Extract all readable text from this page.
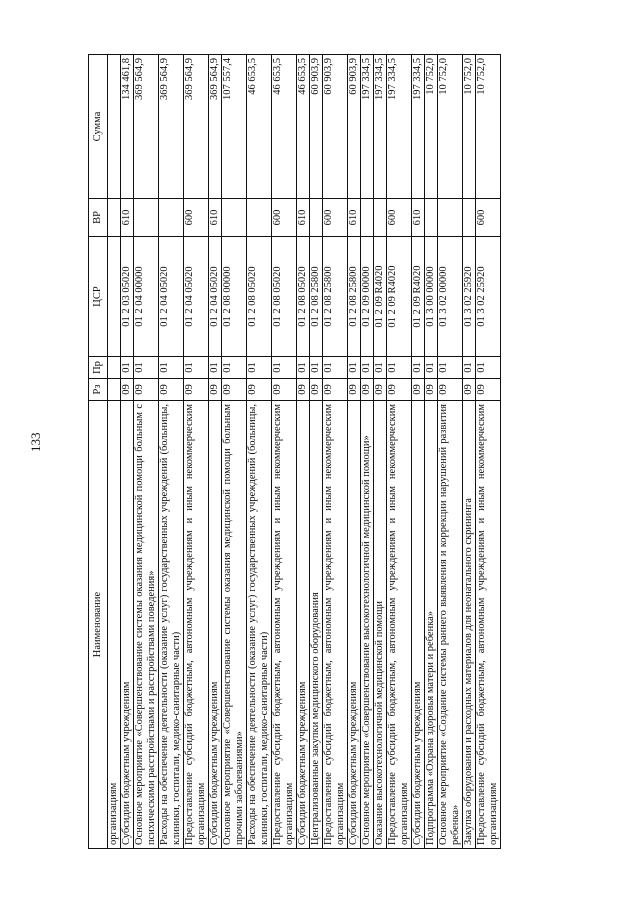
133
Наименование	Рз	Пр	ЦСР	ВР	Сумма
организациям					
Субсидии бюджетным учреждениям	09	01	01 2 03 05020	610	134 461,8
Основное мероприятие «Совершенствование системы оказания медицинской помощи больным с психическими расстройствами и расстройствами поведения»	09	01	01 2 04 00000		369 564,9
Расходы на обеспечение деятельности (оказание услуг) государственных учреждений (больницы, клиники, госпитали, медико-санитарные части)	09	01	01 2 04 05020		369 564,9
Предоставление субсидий бюджетным, автономным учреждениям и иным некоммерческим организациям	09	01	01 2 04 05020	600	369 564,9
Субсидии бюджетным учреждениям	09	01	01 2 04 05020	610	369 564,9
Основное мероприятие «Совершенствование системы оказания медицинской помощи больным прочими заболеваниями»	09	01	01 2 08 00000		107 557,4
Расходы на обеспечение деятельности (оказание услуг) государственных учреждений (больницы, клиники, госпитали, медико-санитарные части)	09	01	01 2 08 05020		46 653,5
Предоставление субсидий бюджетным, автономным учреждениям и иным некоммерческим организациям	09	01	01 2 08 05020	600	46 653,5
Субсидии бюджетным учреждениям	09	01	01 2 08 05020	610	46 653,5
Централизованные закупки медицинского оборудования	09	01	01 2 08 25800		60 903,9
Предоставление субсидий бюджетным, автономным учреждениям и иным некоммерческим организациям	09	01	01 2 08 25800	600	60 903,9
Субсидии бюджетным учреждениям	09	01	01 2 08 25800	610	60 903,9
Основное мероприятие «Совершенствование высокотехнологичной медицинской помощи»	09	01	01 2 09 00000		197 334,5
Оказание высокотехнологичной медицинской помощи	09	01	01 2 09 R4020		197 334,5
Предоставление субсидий бюджетным, автономным учреждениям и иным некоммерческим организациям	09	01	01 2 09 R4020	600	197 334,5
Субсидии бюджетным учреждениям	09	01	01 2 09 R4020	610	197 334,5
Подпрограмма «Охрана здоровья матери и ребенка»	09	01	01 3 00 00000		10 752,0
Основное мероприятие «Создание системы раннего выявления и коррекции нарушений развития ребенка»	09	01	01 3 02 00000		10 752,0
Закупка оборудования и расходных материалов для неонатального скрининга	09	01	01 3 02 25920		10 752,0
Предоставление субсидий бюджетным, автономным учреждениям и иным некоммерческим организациям	09	01	01 3 02 25920	600	10 752,0
